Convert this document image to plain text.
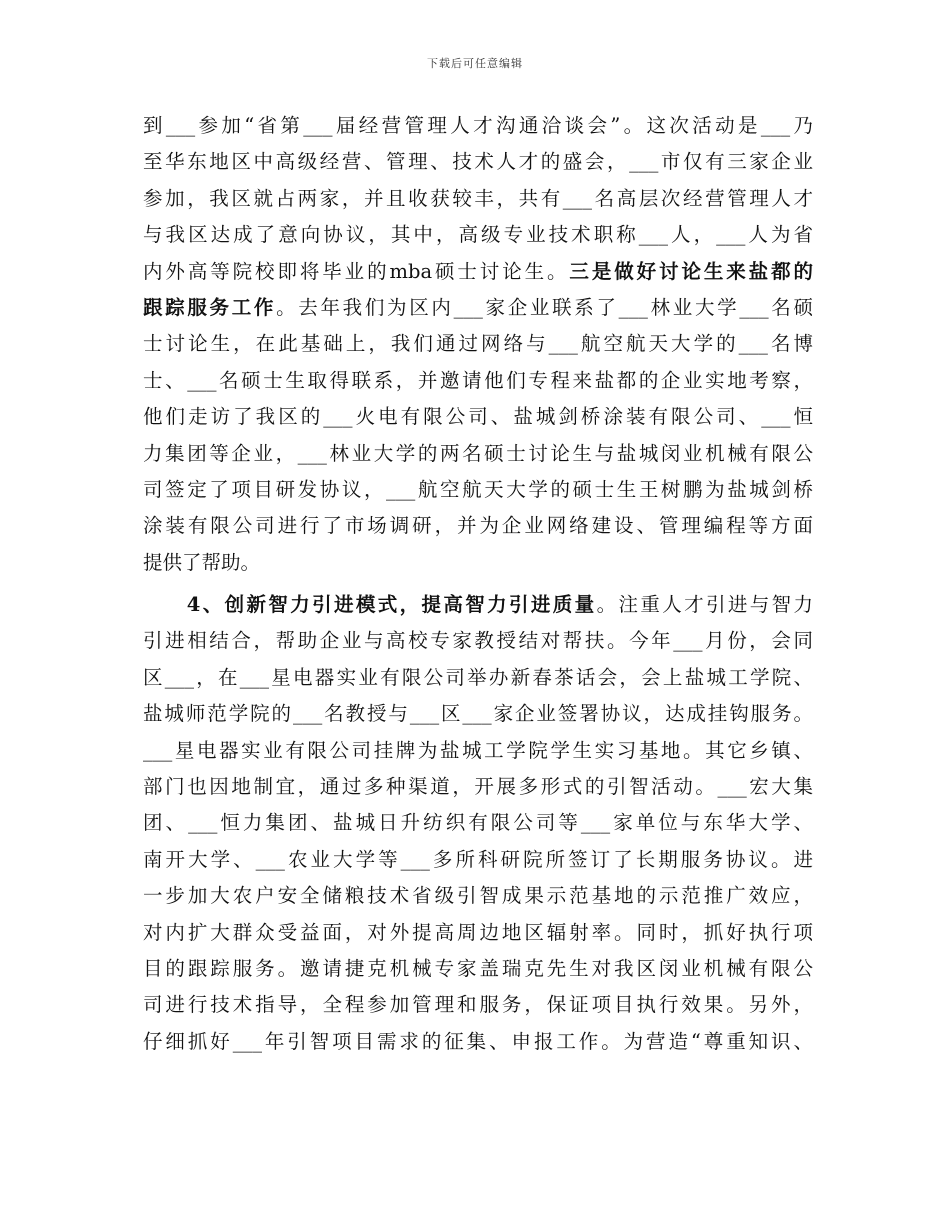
下载后可任意编辑
到___参加“省第___届经营管理人才沟通洽谈会”。这次活动是___乃
至华东地区中高级经营、管理、技术人才的盛会，___市仅有三家企业
参加，我区就占两家，并且收获较丰，共有___名高层次经营管理人才
与我区达成了意向协议，其中，高级专业技术职称___人，___人为省
内外高等院校即将毕业的mba硕士讨论生。三是做好讨论生来盐都的
跟踪服务工作。去年我们为区内___家企业联系了___林业大学___名硕
士讨论生，在此基础上，我们通过网络与___航空航天大学的___名博
士、___名硕士生取得联系，并邀请他们专程来盐都的企业实地考察，
他们走访了我区的___火电有限公司、盐城剑桥涂装有限公司、___恒
力集团等企业，___林业大学的两名硕士讨论生与盐城闵业机械有限公
司签定了项目研发协议，___航空航天大学的硕士生王树鹏为盐城剑桥
涂装有限公司进行了市场调研，并为企业网络建设、管理编程等方面
提供了帮助。
　　4、创新智力引进模式，提高智力引进质量。注重人才引进与智力
引进相结合，帮助企业与高校专家教授结对帮扶。今年___月份，会同
区___，在___星电器实业有限公司举办新春茶话会，会上盐城工学院、
盐城师范学院的___名教授与___区___家企业签署协议，达成挂钩服务。
___星电器实业有限公司挂牌为盐城工学院学生实习基地。其它乡镇、
部门也因地制宜，通过多种渠道，开展多形式的引智活动。___宏大集
团、___恒力集团、盐城日升纺织有限公司等___家单位与东华大学、
南开大学、___农业大学等___多所科研院所签订了长期服务协议。进
一步加大农户安全储粮技术省级引智成果示范基地的示范推广效应，
对内扩大群众受益面，对外提高周边地区辐射率。同时，抓好执行项
目的跟踪服务。邀请捷克机械专家盖瑞克先生对我区闵业机械有限公
司进行技术指导，全程参加管理和服务，保证项目执行效果。另外，
仔细抓好___年引智项目需求的征集、申报工作。为营造“尊重知识、
